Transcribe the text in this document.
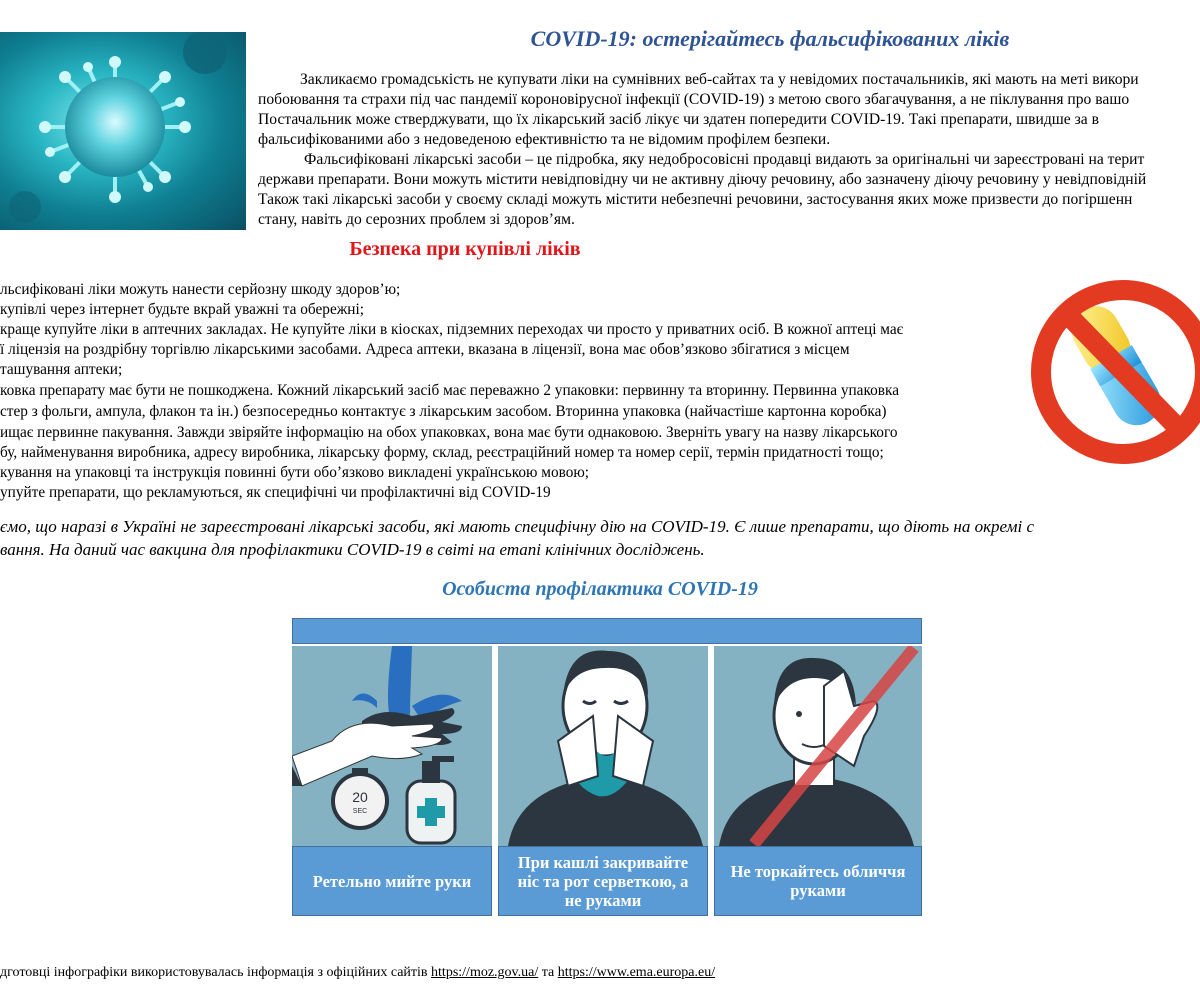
COVID-19: остерігайтесь фальсифікованих ліків
Закликаємо громадськість не купувати ліки на сумнівних веб-сайтах та у невідомих постачальників, які мають на меті викори
побоювання та страхи під час пандемії короновірусної інфекції (COVID-19) з метою свого збагачування, а не піклування про вашо
Постачальник може стверджувати, що їх лікарський засіб лікує чи здатен попередити COVID-19. Такі препарати, швидше за в
фальсифікованими або з недоведеною ефективністю та не відомим профілем безпеки.
Фальсифіковані лікарські засоби – це підробка, яку недобросовісні продавці видають за оригінальні чи зареєстровані на терит
держави препарати. Вони можуть містити невідповідну чи не активну діючу речовину, або зазначену діючу речовину у невідповідній
Також такі лікарські засоби у своєму складі можуть містити небезпечні речовини, застосування яких може призвести до погіршенн
стану, навіть до серозних проблем зі здоров’ям.
Безпека при купівлі ліків
льсифіковані ліки можуть нанести серйозну шкоду здоров’ю;
купівлі через інтернет будьте вкрай уважні та обережні;
краще купуйте ліки в аптечних закладах. Не купуйте ліки в кіосках, підземних переходах чи просто у приватних осіб. В кожної аптеці має
ї ліцензія на роздрібну торгівлю лікарськими засобами. Адреса аптеки, вказана в ліцензії, вона має обов’язково збігатися з місцем
ташування аптеки;
ковка препарату має бути не пошкоджена. Кожний лікарський засіб має переважно 2 упаковки: первинну та вторинну. Первинна упаковка
стер з фольги, ампула, флакон та ін.) безпосередньо контактує з лікарським засобом. Вторинна упаковка (найчастіше картонна коробка)
ищає первинне пакування. Завжди звіряйте інформацію на обох упаковках, вона має бути однаковою. Зверніть увагу на назву лікарського
бу, найменування виробника, адресу виробника, лікарську форму, склад, реєстраційний номер та номер серії, термін придатності тощо;
кування на упаковці та інструкція повинні бути обо’язково викладені українською мовою;
упуйте препарати, що рекламуються, як специфічні чи профілактичні від COVID-19
ємо, що наразі в Україні не зареєстровані лікарські засоби, які мають специфічну дію на COVID-19. Є лише препарати, що діють на окремі с
вання. На даний час вакцина для профілактики COVID-19 в світі на етапі клінічних досліджень.
Особиста профілактика COVID-19
20
SEC
Ретельно мийте руки
При кашлі закривайте ніс та рот серветкою, а не руками
Не торкайтесь обличчя руками
дготовці інфографіки використовувалась інформація з офіційних сайтів https://moz.gov.ua/ та https://www.ema.europa.eu/
